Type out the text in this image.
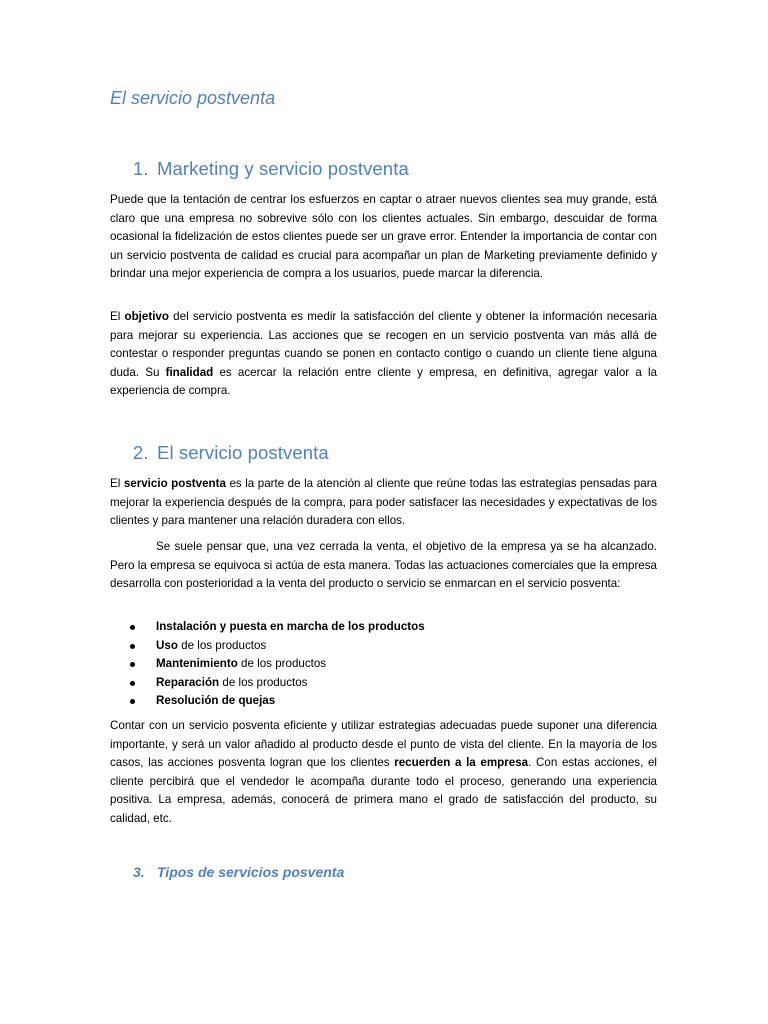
El servicio postventa
1. Marketing y servicio postventa

Puede que la tentación de centrar los esfuerzos en captar o atraer nuevos clientes sea muy grande, está claro que una empresa no sobrevive sólo con los clientes actuales. Sin embargo, descuidar de forma ocasional la fidelización de estos clientes puede ser un grave error. Entender la importancia de contar con un servicio postventa de calidad es crucial para acompañar un plan de Marketing previamente definido y brindar una mejor experiencia de compra a los usuarios, puede marcar la diferencia.

El objetivo del servicio postventa es medir la satisfacción del cliente y obtener la información necesaria para mejorar su experiencia. Las acciones que se recogen en un servicio postventa van más allá de contestar o responder preguntas cuando se ponen en contacto contigo o cuando un cliente tiene alguna duda. Su finalidad es acercar la relación entre cliente y empresa, en definitiva, agregar valor a la experiencia de compra.

2. El servicio postventa

El servicio postventa es la parte de la atención al cliente que reúne todas las estrategias pensadas para mejorar la experiencia después de la compra, para poder satisfacer las necesidades y expectativas de los clientes y para mantener una relación duradera con ellos.

Se suele pensar que, una vez cerrada la venta, el objetivo de la empresa ya se ha alcanzado. Pero la empresa se equivoca si actúa de esta manera. Todas las actuaciones comerciales que la empresa desarrolla con posterioridad a la venta del producto o servicio se enmarcan en el servicio posventa:

Instalación y puesta en marcha de los productos
Uso de los productos
Mantenimiento de los productos
Reparación de los productos
Resolución de quejas

Contar con un servicio posventa eficiente y utilizar estrategias adecuadas puede suponer una diferencia importante, y será un valor añadido al producto desde el punto de vista del cliente. En la mayoría de los casos, las acciones posventa logran que los clientes recuerden a la empresa. Con estas acciones, el cliente percibirá que el vendedor le acompaña durante todo el proceso, generando una experiencia positiva. La empresa, además, conocerá de primera mano el grado de satisfacción del producto, su calidad, etc.

3. Tipos de servicios posventa
